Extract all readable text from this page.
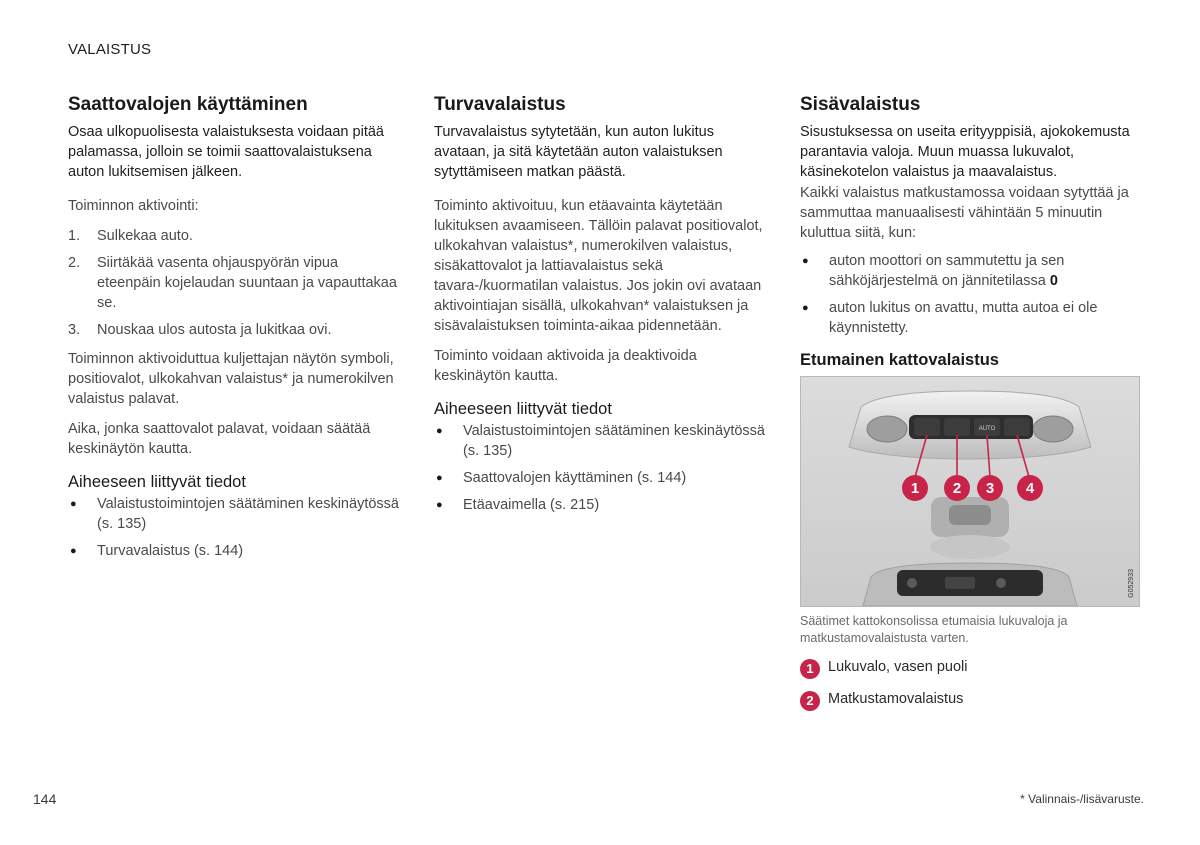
VALAISTUS
Saattovalojen käyttäminen

Osaa ulkopuolisesta valaistuksesta voidaan pitää palamassa, jolloin se toimii saattovalaistuksena auton lukitsemisen jälkeen.

Toiminnon aktivointi:

1. Sulkekaa auto.
2. Siirtäkää vasenta ohjauspyörän vipua eteenpäin kojelaudan suuntaan ja vapauttakaa se.
3. Nouskaa ulos autosta ja lukitkaa ovi.

Toiminnon aktivoiduttua kuljettajan näytön symboli, positiovalot, ulkokahvan valaistus* ja numerokilven valaistus palavat.

Aika, jonka saattovalot palavat, voidaan säätää keskinäytön kautta.

Aiheeseen liittyvät tiedot
● Valaistustoimintojen säätäminen keskinäytössä (s. 135)
● Turvavalaistus (s. 144)
Turvavalaistus

Turvavalaistus sytytetään, kun auton lukitus avataan, ja sitä käytetään auton valaistuksen sytyttämiseen matkan päästä.

Toiminto aktivoituu, kun etäavainta käytetään lukituksen avaamiseen. Tällöin palavat positiovalot, ulkokahvan valaistus*, numerokilven valaistus, sisäkattovalot ja lattiavalaistus sekä tavara-/kuormatilan valaistus. Jos jokin ovi avataan aktivointiajan sisällä, ulkokahvan* valaistuksen ja sisävalaistuksen toiminta-aikaa pidennetään.

Toiminto voidaan aktivoida ja deaktivoida keskinäytön kautta.

Aiheeseen liittyvät tiedot
● Valaistustoimintojen säätäminen keskinäytössä (s. 135)
● Saattovalojen käyttäminen (s. 144)
● Etäavaimella (s. 215)
Sisävalaistus

Sisustuksessa on useita erityyppisiä, ajokokemusta parantavia valoja. Muun muassa lukuvalot, käsinekotelon valaistus ja maavalaistus.

Kaikki valaistus matkustamossa voidaan sytyttää ja sammuttaa manuaalisesti vähintään 5 minuutin kuluttua siitä, kun:

● auton moottori on sammutettu ja sen sähköjärjestelmä on jännitetilassa 0
● auton lukitus on avattu, mutta autoa ei ole käynnistetty.
Etumainen kattovalaistus
AUTO
1 2 3 4
G052933
Säätimet kattokonsolissa etumaisia lukuvaloja ja matkustamovalaistusta varten.
1 Lukuvalo, vasen puoli
2 Matkustamovalaistus
144	* Valinnais-/lisävaruste.
